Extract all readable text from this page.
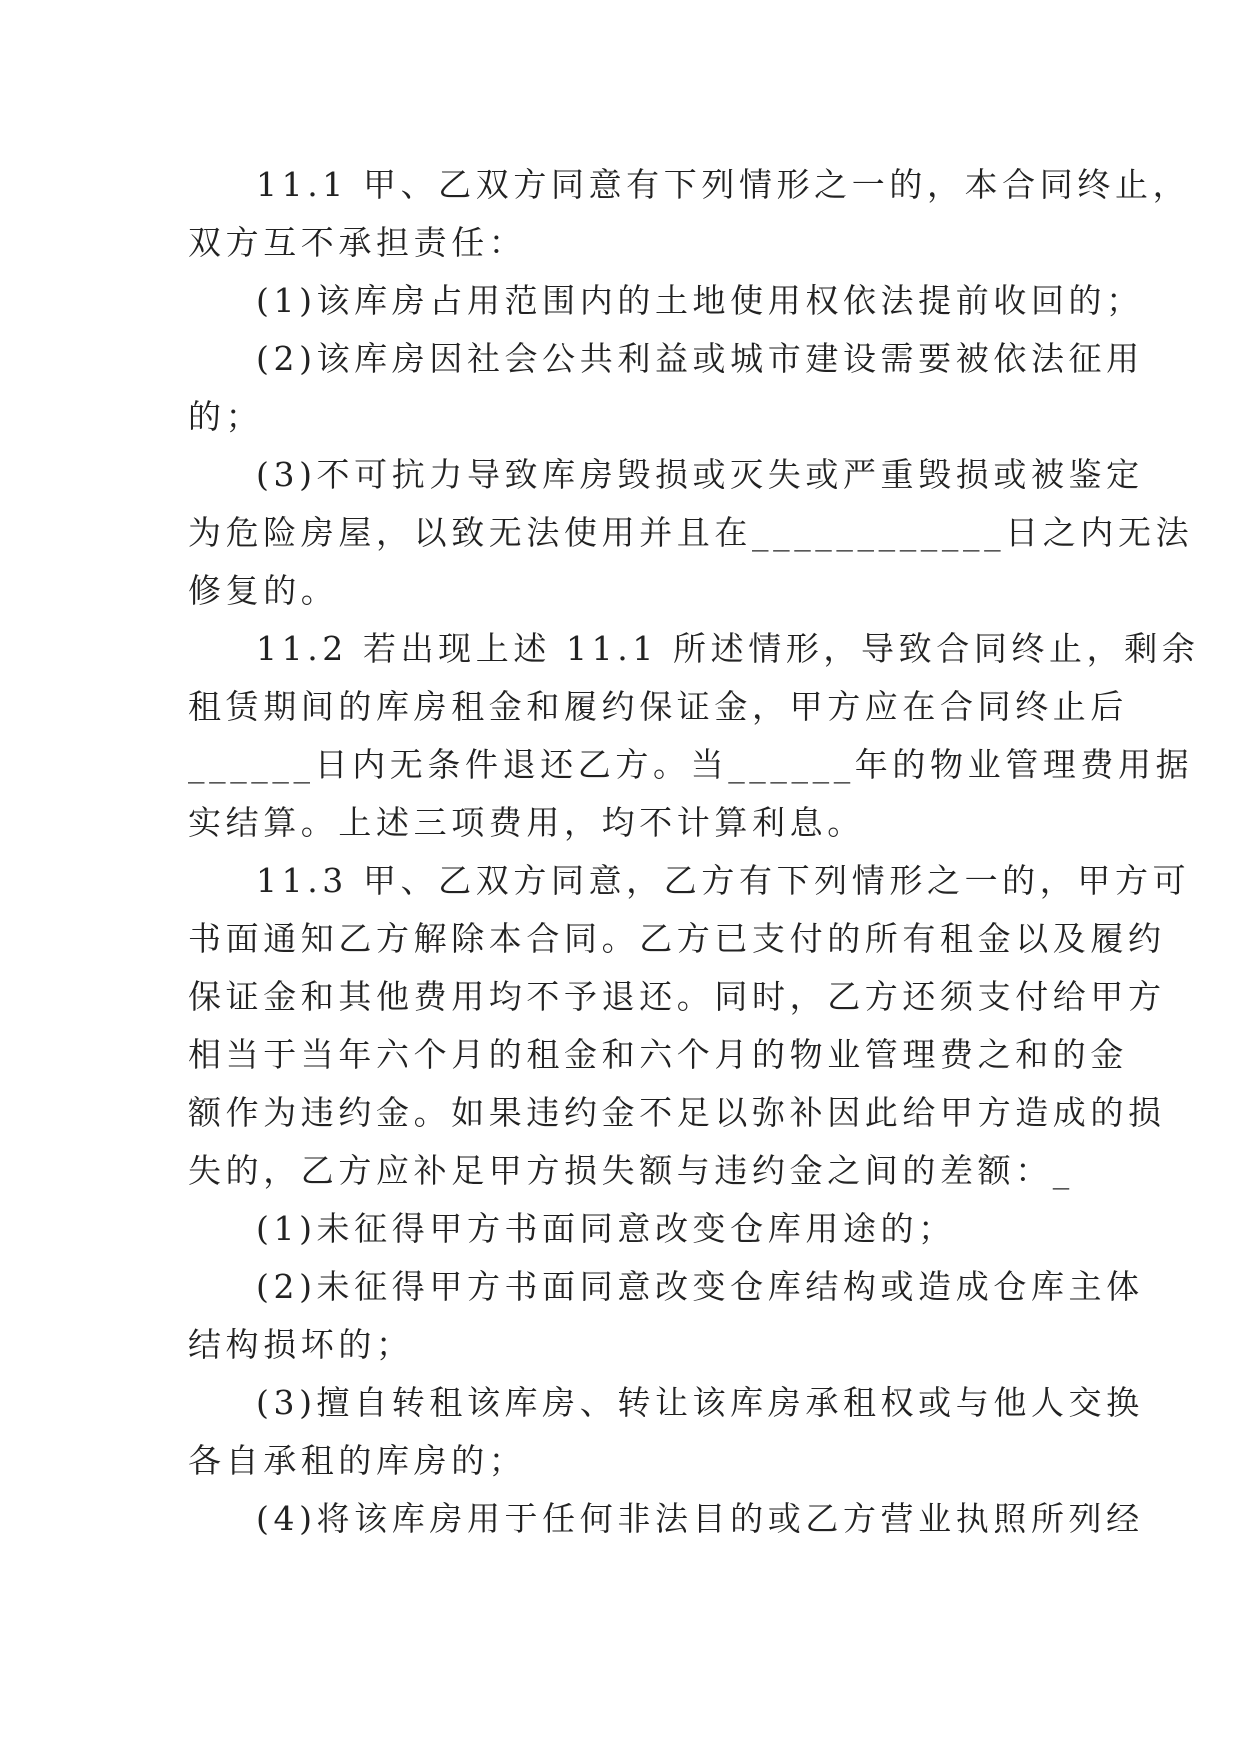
11.1 甲、乙双方同意有下列情形之一的，本合同终止，
双方互不承担责任：
(1)该库房占用范围内的土地使用权依法提前收回的；
(2)该库房因社会公共利益或城市建设需要被依法征用
的；
(3)不可抗力导致库房毁损或灭失或严重毁损或被鉴定
为危险房屋，以致无法使用并且在____________日之内无法
修复的。
11.2 若出现上述 11.1 所述情形，导致合同终止，剩余
租赁期间的库房租金和履约保证金，甲方应在合同终止后
______日内无条件退还乙方。当______年的物业管理费用据
实结算。上述三项费用，均不计算利息。
11.3 甲、乙双方同意，乙方有下列情形之一的，甲方可
书面通知乙方解除本合同。乙方已支付的所有租金以及履约
保证金和其他费用均不予退还。同时，乙方还须支付给甲方
相当于当年六个月的租金和六个月的物业管理费之和的金
额作为违约金。如果违约金不足以弥补因此给甲方造成的损
失的，乙方应补足甲方损失额与违约金之间的差额：_
(1)未征得甲方书面同意改变仓库用途的；
(2)未征得甲方书面同意改变仓库结构或造成仓库主体
结构损坏的；
(3)擅自转租该库房、转让该库房承租权或与他人交换
各自承租的库房的；
(4)将该库房用于任何非法目的或乙方营业执照所列经
